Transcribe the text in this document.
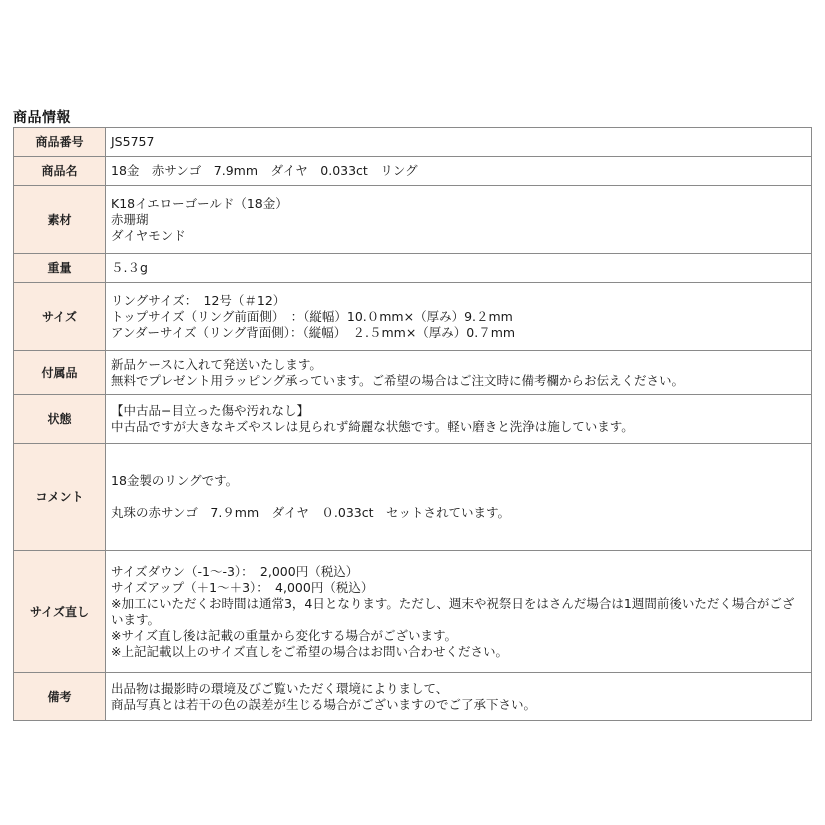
商品情報
商品番号	JS5757
商品名	18金　赤サンゴ　7.9mm　ダイヤ　0.033ct　リング
素材	K18イエローゴールド（18金）
赤珊瑚
ダイヤモンド

重量	５.３g
サイズ	リングサイズ：　12号（＃12）
トップサイズ（リング前面側）　：（縦幅）10.０mm×（厚み）9.２mm
アンダーサイズ（リング背面側）：（縦幅）　２.５mm×（厚み）0.７mm

付属品	新品ケースに入れて発送いたします。
無料でプレゼント用ラッピング承っています。ご希望の場合はご注文時に備考欄からお伝えください。

状態	【中古品−目立った傷や汚れなし】
中古品ですが大きなキズやスレは見られず綺麗な状態です。軽い磨きと洗浄は施しています。

コメント	18金製のリングです。
丸珠の赤サンゴ　7.９mm　ダイヤ　０.033ct　セットされています。

サイズ直し	サイズダウン（-1〜-3）：　2,000円（税込）
サイズアップ（＋1〜＋3）：　4,000円（税込）
※加工にいただくお時間は通常3，4日となります。ただし、週末や祝祭日をはさんだ場合は1週間前後いただく場合がございます。
※サイズ直し後は記載の重量から変化する場合がございます。
※上記記載以上のサイズ直しをご希望の場合はお問い合わせください。

備考	出品物は撮影時の環境及びご覧いただく環境によりまして、
商品写真とは若干の色の誤差が生じる場合がございますのでご了承下さい。
